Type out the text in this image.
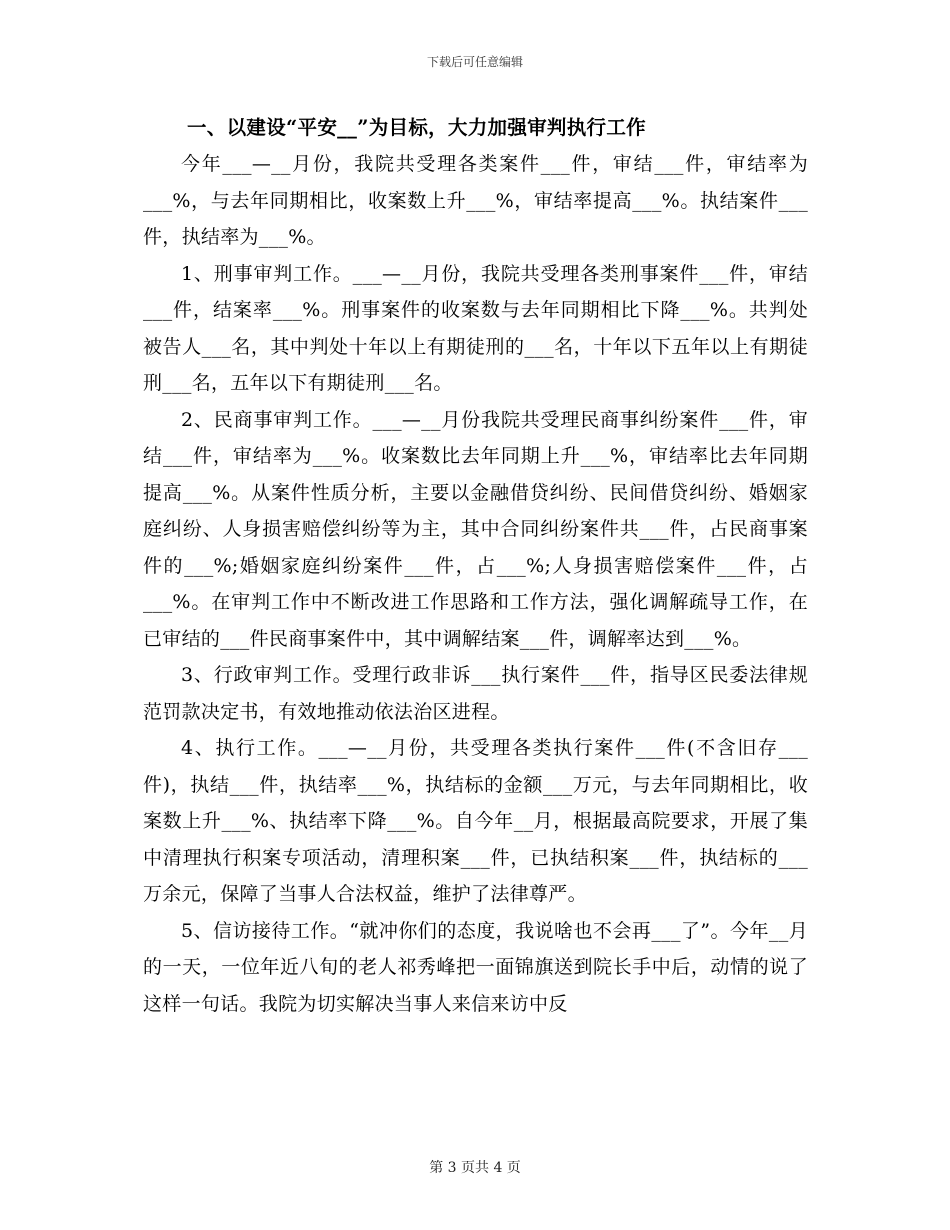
下载后可任意编辑
一、以建设“平安__”为目标，大力加强审判执行工作

今年___—__月份，我院共受理各类案件___件，审结___件，审结率为___%，与去年同期相比，收案数上升___%，审结率提高___%。执结案件___件，执结率为___%。

1、刑事审判工作。___—__月份，我院共受理各类刑事案件___件，审结___件，结案率___%。刑事案件的收案数与去年同期相比下降___%。共判处被告人___名，其中判处十年以上有期徒刑的___名，十年以下五年以上有期徒刑___名，五年以下有期徒刑___名。

2、民商事审判工作。___—__月份我院共受理民商事纠纷案件___件，审结___件，审结率为___%。收案数比去年同期上升___%，审结率比去年同期提高___%。从案件性质分析，主要以金融借贷纠纷、民间借贷纠纷、婚姻家庭纠纷、人身损害赔偿纠纷等为主，其中合同纠纷案件共___件，占民商事案件的___%;婚姻家庭纠纷案件___件，占___%;人身损害赔偿案件___件，占___%。在审判工作中不断改进工作思路和工作方法，强化调解疏导工作，在已审结的___件民商事案件中，其中调解结案___件，调解率达到___%。

3、行政审判工作。受理行政非诉___执行案件___件，指导区民委法律规范罚款决定书，有效地推动依法治区进程。

4、执行工作。___—__月份，共受理各类执行案件___件(不含旧存___件)，执结___件，执结率___%，执结标的金额___万元，与去年同期相比，收案数上升___%、执结率下降___%。自今年__月，根据最高院要求，开展了集中清理执行积案专项活动，清理积案___件，已执结积案___件，执结标的___万余元，保障了当事人合法权益，维护了法律尊严。

5、信访接待工作。“就冲你们的态度，我说啥也不会再___了”。今年__月的一天，一位年近八旬的老人祁秀峰把一面锦旗送到院长手中后，动情的说了这样一句话。我院为切实解决当事人来信来访中反

第 3 页共 4 页
